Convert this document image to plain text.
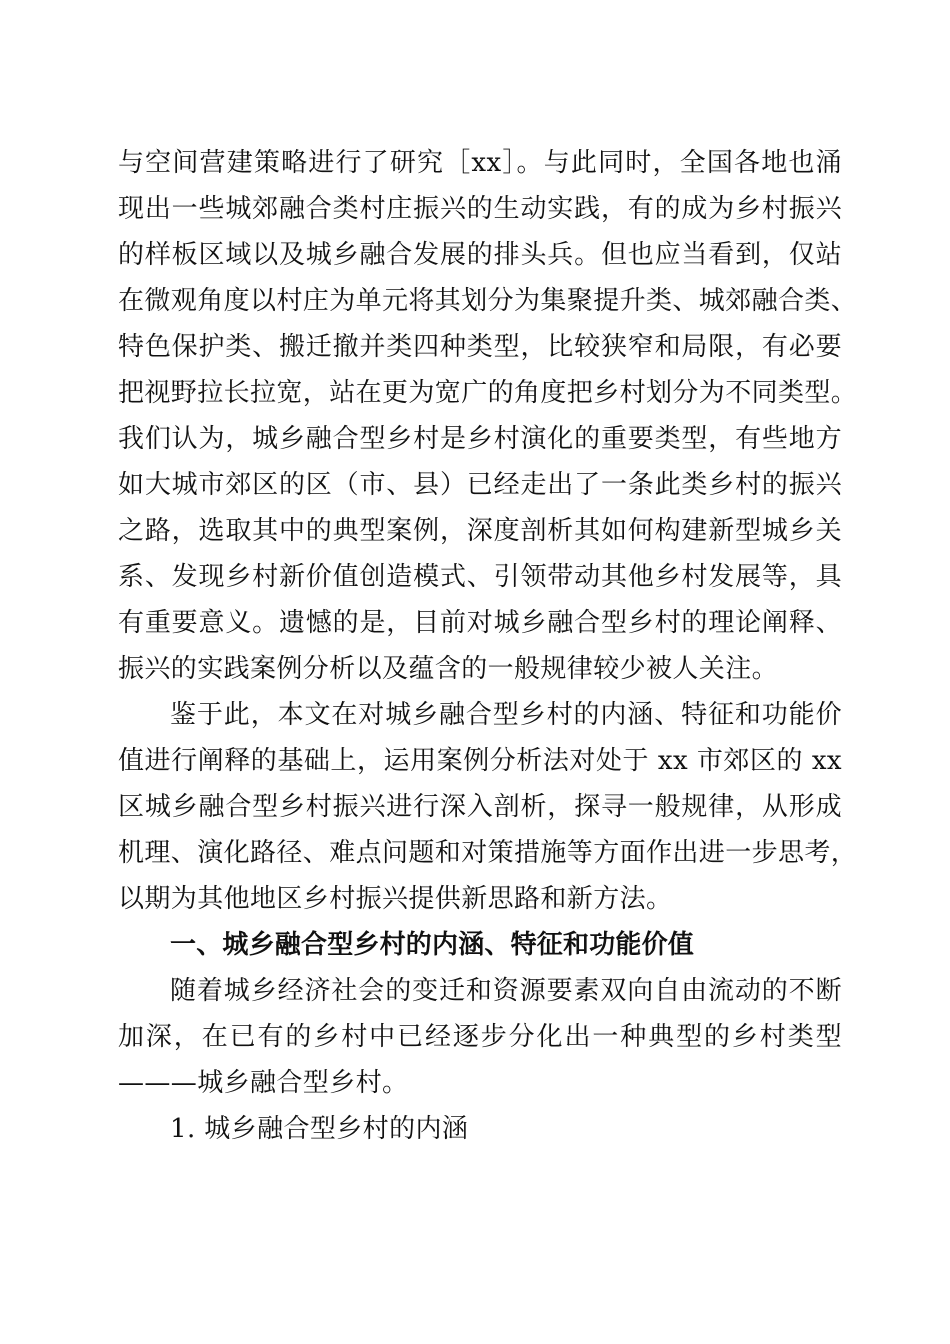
与空间营建策略进行了研究［xx］。与此同时，全国各地也涌
现出一些城郊融合类村庄振兴的生动实践，有的成为乡村振兴
的样板区域以及城乡融合发展的排头兵。但也应当看到，仅站
在微观角度以村庄为单元将其划分为集聚提升类、城郊融合类、
特色保护类、搬迁撤并类四种类型，比较狭窄和局限，有必要
把视野拉长拉宽，站在更为宽广的角度把乡村划分为不同类型。
我们认为，城乡融合型乡村是乡村演化的重要类型，有些地方
如大城市郊区的区（市、县）已经走出了一条此类乡村的振兴
之路，选取其中的典型案例，深度剖析其如何构建新型城乡关
系、发现乡村新价值创造模式、引领带动其他乡村发展等，具
有重要意义。遗憾的是，目前对城乡融合型乡村的理论阐释、
振兴的实践案例分析以及蕴含的一般规律较少被人关注。
鉴于此，本文在对城乡融合型乡村的内涵、特征和功能价
值进行阐释的基础上，运用案例分析法对处于 xx 市郊区的 xx
区城乡融合型乡村振兴进行深入剖析，探寻一般规律，从形成
机理、演化路径、难点问题和对策措施等方面作出进一步思考，
以期为其他地区乡村振兴提供新思路和新方法。
一、城乡融合型乡村的内涵、特征和功能价值
随着城乡经济社会的变迁和资源要素双向自由流动的不断
加深，在已有的乡村中已经逐步分化出一种典型的乡村类型
———城乡融合型乡村。
1. 城乡融合型乡村的内涵
